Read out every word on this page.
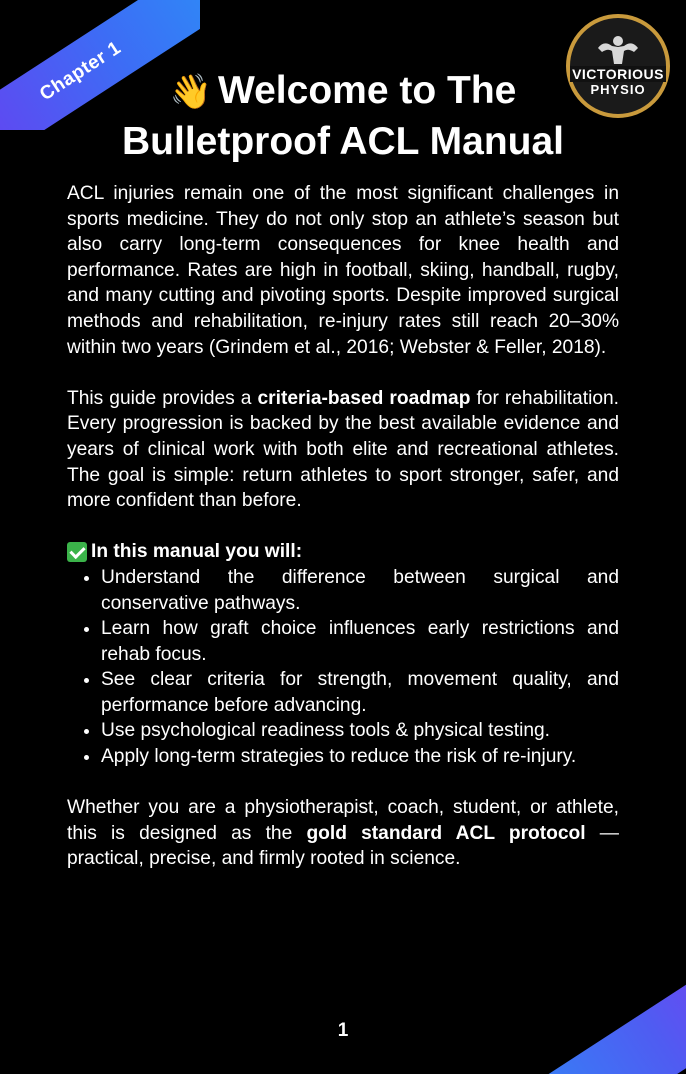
Chapter 1	VICTORIOUS
PHYSIO
👋 Welcome to The
Bulletproof ACL Manual

ACL injuries remain one of the most significant challenges in sports medicine. They do not only stop an athlete’s season but also carry long-term consequences for knee health and performance. Rates are high in football, skiing, handball, rugby, and many cutting and pivoting sports. Despite improved surgical methods and rehabilitation, re-injury rates still reach 20–30% within two years (Grindem et al., 2016; Webster & Feller, 2018).

This guide provides a criteria-based roadmap for rehabilitation. Every progression is backed by the best available evidence and years of clinical work with both elite and recreational athletes. The goal is simple: return athletes to sport stronger, safer, and more confident than before.

In this manual you will:
• Understand the difference between surgical and conservative pathways.
• Learn how graft choice influences early restrictions and rehab focus.
• See clear criteria for strength, movement quality, and performance before advancing.
• Use psychological readiness tools & physical testing.
• Apply long-term strategies to reduce the risk of re-injury.

Whether you are a physiotherapist, coach, student, or athlete, this is designed as the gold standard ACL protocol — practical, precise, and firmly rooted in science.

1
